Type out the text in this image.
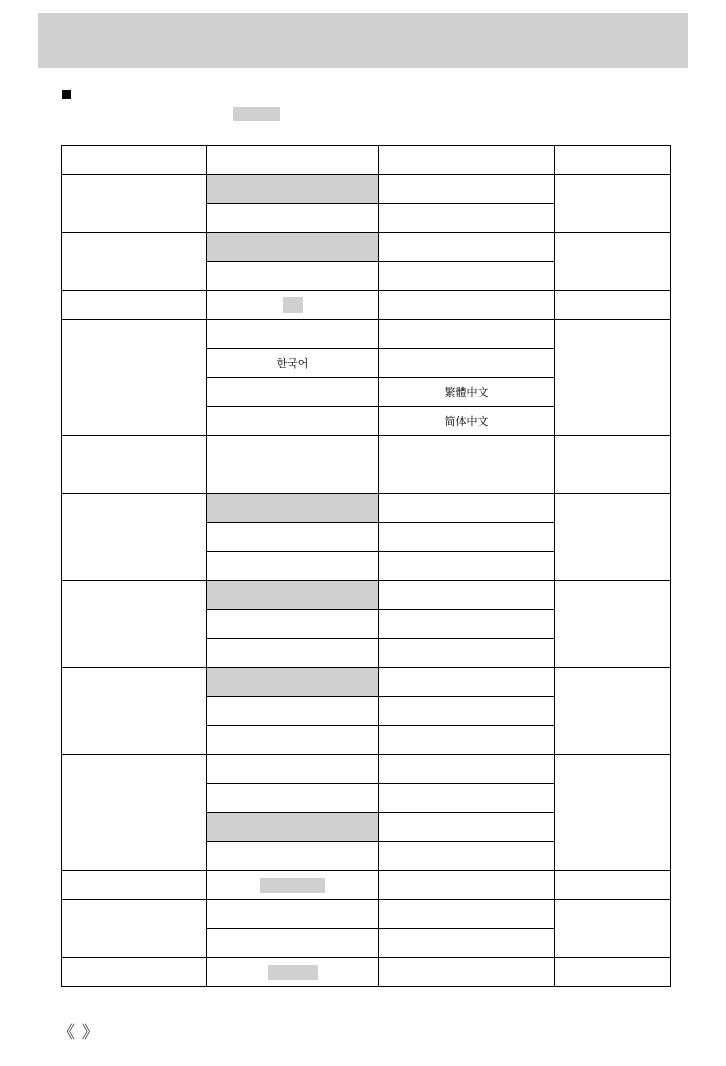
	한국어		
		繁體中文	
		简体中文	

《 》
